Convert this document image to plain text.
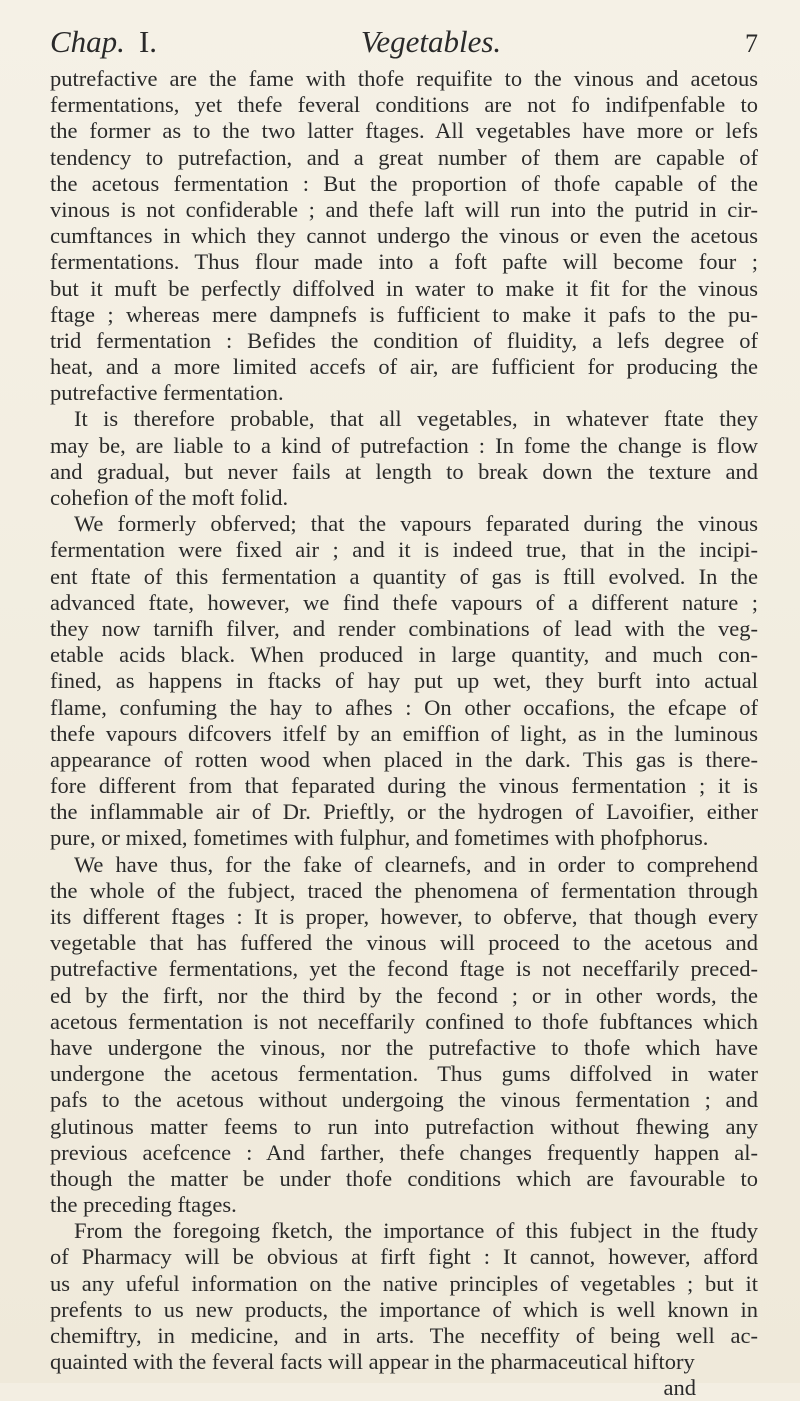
Chap. I.	Vegetables.	7
putrefactive are the fame with thofe requifite to the vinous and acetous
fermentations, yet thefe feveral conditions are not fo indifpenfable to
the former as to the two latter ftages. All vegetables have more or lefs
tendency to putrefaction, and a great number of them are capable of
the acetous fermentation : But the proportion of thofe capable of the
vinous is not confiderable ; and thefe laft will run into the putrid in cir-
cumftances in which they cannot undergo the vinous or even the acetous
fermentations. Thus flour made into a foft pafte will become four ;
but it muft be perfectly diffolved in water to make it fit for the vinous
ftage ; whereas mere dampnefs is fufficient to make it pafs to the pu-
trid fermentation : Befides the condition of fluidity, a lefs degree of
heat, and a more limited accefs of air, are fufficient for producing the
putrefactive fermentation.
It is therefore probable, that all vegetables, in whatever ftate they
may be, are liable to a kind of putrefaction : In fome the change is flow
and gradual, but never fails at length to break down the texture and
cohefion of the moft folid.
We formerly obferved; that the vapours feparated during the vinous
fermentation were fixed air ; and it is indeed true, that in the incipi-
ent ftate of this fermentation a quantity of gas is ftill evolved. In the
advanced ftate, however, we find thefe vapours of a different nature ;
they now tarnifh filver, and render combinations of lead with the veg-
etable acids black. When produced in large quantity, and much con-
fined, as happens in ftacks of hay put up wet, they burft into actual
flame, confuming the hay to afhes : On other occafions, the efcape of
thefe vapours difcovers itfelf by an emiffion of light, as in the luminous
appearance of rotten wood when placed in the dark. This gas is there-
fore different from that feparated during the vinous fermentation ; it is
the inflammable air of Dr. Prieftly, or the hydrogen of Lavoifier, either
pure, or mixed, fometimes with fulphur, and fometimes with phofphorus.
We have thus, for the fake of clearnefs, and in order to comprehend
the whole of the fubject, traced the phenomena of fermentation through
its different ftages : It is proper, however, to obferve, that though every
vegetable that has fuffered the vinous will proceed to the acetous and
putrefactive fermentations, yet the fecond ftage is not neceffarily preced-
ed by the firft, nor the third by the fecond ; or in other words, the
acetous fermentation is not neceffarily confined to thofe fubftances which
have undergone the vinous, nor the putrefactive to thofe which have
undergone the acetous fermentation. Thus gums diffolved in water
pafs to the acetous without undergoing the vinous fermentation ; and
glutinous matter feems to run into putrefaction without fhewing any
previous acefcence : And farther, thefe changes frequently happen al-
though the matter be under thofe conditions which are favourable to
the preceding ftages.
From the foregoing fketch, the importance of this fubject in the ftudy
of Pharmacy will be obvious at firft fight : It cannot, however, afford
us any ufeful information on the native principles of vegetables ; but it
prefents to us new products, the importance of which is well known in
chemiftry, in medicine, and in arts. The neceffity of being well ac-
quainted with the feveral facts will appear in the pharmaceutical hiftory
and
